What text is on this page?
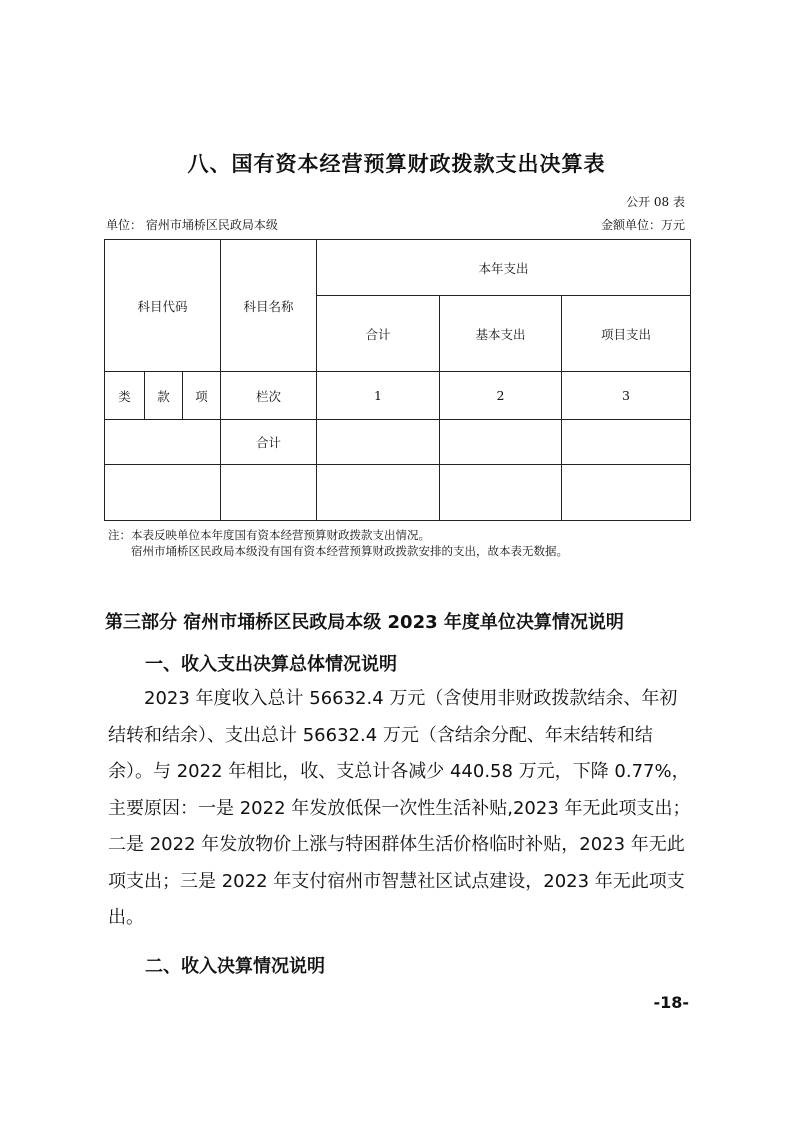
八、国有资本经营预算财政拨款支出决算表
公开 08 表
单位： 宿州市埇桥区民政局本级	金额单位：万元
科目代码			科目名称	本年支出		
				合计	基本支出	项目支出
类	款	项	栏次	1	2	3
			合计			

注：本表反映单位本年度国有资本经营预算财政拨款支出情况。
宿州市埇桥区民政局本级没有国有资本经营预算财政拨款安排的支出，故本表无数据。
第三部分 宿州市埇桥区民政局本级 2023 年度单位决算情况说明
一、收入支出决算总体情况说明
2023 年度收入总计 56632.4 万元（含使用非财政拨款结余、年初结转和结余）、支出总计 56632.4 万元（含结余分配、年末结转和结余）。与 2022 年相比，收、支总计各减少 440.58 万元，下降 0.77%，主要原因：一是 2022 年发放低保一次性生活补贴,2023 年无此项支出；二是 2022 年发放物价上涨与特困群体生活价格临时补贴，2023 年无此项支出；三是 2022 年支付宿州市智慧社区试点建设，2023 年无此项支出。
二、收入决算情况说明
-18-
